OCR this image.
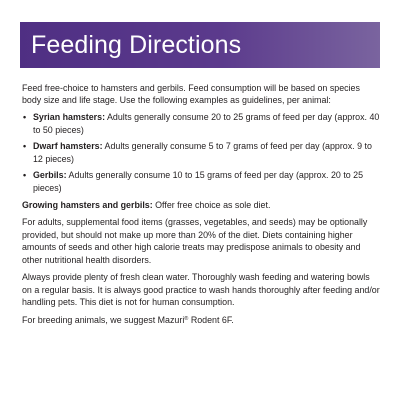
Feeding Directions

Feed free-choice to hamsters and gerbils. Feed consumption will be based on species body size and life stage. Use the following examples as guidelines, per animal:

• Syrian hamsters: Adults generally consume 20 to 25 grams of feed per day (approx. 40 to 50 pieces)
• Dwarf hamsters: Adults generally consume 5 to 7 grams of feed per day (approx. 9 to 12 pieces)
• Gerbils: Adults generally consume 10 to 15 grams of feed per day (approx. 20 to 25 pieces)

Growing hamsters and gerbils: Offer free choice as sole diet.

For adults, supplemental food items (grasses, vegetables, and seeds) may be optionally provided, but should not make up more than 20% of the diet. Diets containing higher amounts of seeds and other high calorie treats may predispose animals to obesity and other nutritional health disorders.

Always provide plenty of fresh clean water. Thoroughly wash feeding and watering bowls on a regular basis. It is always good practice to wash hands thoroughly after feeding and/or handling pets. This diet is not for human consumption.

For breeding animals, we suggest Mazuri® Rodent 6F.
